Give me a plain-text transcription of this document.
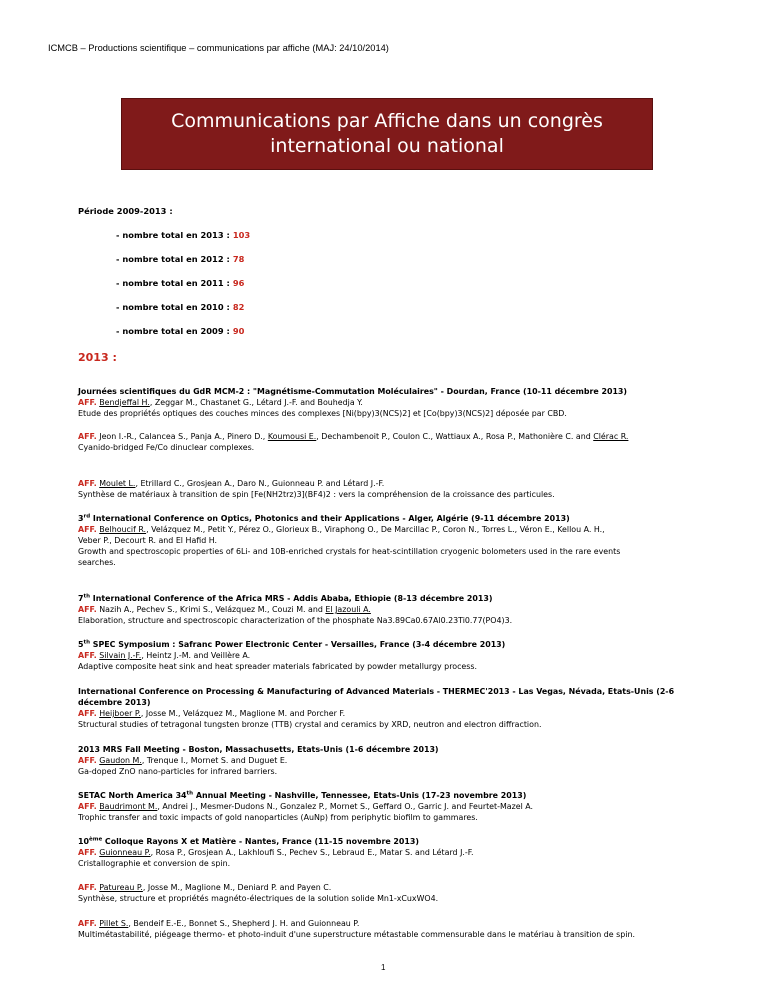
ICMCB – Productions scientifique – communications par affiche (MAJ: 24/10/2014)
Communications par Affiche dans un congrès
international ou national
Période 2009-2013 :
- nombre total en 2013 : 103
- nombre total en 2012 : 78
- nombre total en 2011 : 96
- nombre total en 2010 : 82
- nombre total en 2009 : 90
2013 :
Journées scientifiques du GdR MCM-2 : "Magnétisme-Commutation Moléculaires" - Dourdan, France (10-11 décembre 2013)
AFF. Bendjeffal H., Zeggar M., Chastanet G., Létard J.-F. and Bouhedja Y.
Etude des propriétés optiques des couches minces des complexes [Ni(bpy)3(NCS)2] et [Co(bpy)3(NCS)2] déposée par CBD.
AFF. Jeon I.-R., Calancea S., Panja A., Pinero D., Koumousi E., Dechambenoit P., Coulon C., Wattiaux A., Rosa P., Mathonière C. and Clérac R.
Cyanido-bridged Fe/Co dinuclear complexes.
AFF. Moulet L., Etrillard C., Grosjean A., Daro N., Guionneau P. and Létard J.-F.
Synthèse de matériaux à transition de spin [Fe(NH2trz)3](BF4)2 : vers la compréhension de la croissance des particules.
3rd International Conference on Optics, Photonics and their Applications - Alger, Algérie (9-11 décembre 2013)
AFF. Belhoucif R., Velázquez M., Petit Y., Pérez O., Glorieux B., Viraphong O., De Marcillac P., Coron N., Torres L., Véron E., Kellou A. H.,
Veber P., Decourt R. and El Hafid H.
Growth and spectroscopic properties of 6Li- and 10B-enriched crystals for heat-scintillation cryogenic bolometers used in the rare events
searches.
7th International Conference of the Africa MRS - Addis Ababa, Ethiopie (8-13 décembre 2013)
AFF. Nazih A., Pechev S., Krimi S., Velázquez M., Couzi M. and El Jazouli A.
Elaboration, structure and spectroscopic characterization of the phosphate Na3.89Ca0.67Al0.23Ti0.77(PO4)3.
5th SPEC Symposium : Safranc Power Electronic Center - Versailles, France (3-4 décembre 2013)
AFF. Silvain J.-F., Heintz J.-M. and Veillère A.
Adaptive composite heat sink and heat spreader materials fabricated by powder metallurgy process.
International Conference on Processing & Manufacturing of Advanced Materials - THERMEC'2013 - Las Vegas, Névada, Etats-Unis (2-6
décembre 2013)
AFF. Heijboer P., Josse M., Velázquez M., Maglione M. and Porcher F.
Structural studies of tetragonal tungsten bronze (TTB) crystal and ceramics by XRD, neutron and electron diffraction.
2013 MRS Fall Meeting - Boston, Massachusetts, Etats-Unis (1-6 décembre 2013)
AFF. Gaudon M., Trenque I., Mornet S. and Duguet E.
Ga-doped ZnO nano-particles for infrared barriers.
SETAC North America 34th Annual Meeting - Nashville, Tennessee, Etats-Unis (17-23 novembre 2013)
AFF. Baudrimont M., Andrei J., Mesmer-Dudons N., Gonzalez P., Mornet S., Geffard O., Garric J. and Feurtet-Mazel A.
Trophic transfer and toxic impacts of gold nanoparticles (AuNp) from periphytic biofilm to gammares.
10ème Colloque Rayons X et Matière - Nantes, France (11-15 novembre 2013)
AFF. Guionneau P., Rosa P., Grosjean A., Lakhloufi S., Pechev S., Lebraud E., Matar S. and Létard J.-F.
Cristallographie et conversion de spin.
AFF. Patureau P., Josse M., Maglione M., Deniard P. and Payen C.
Synthèse, structure et propriétés magnéto-électriques de la solution solide Mn1-xCuxWO4.
AFF. Pillet S., Bendeif E.-E., Bonnet S., Shepherd J. H. and Guionneau P.
Multimétastabilité, piégeage thermo- et photo-induit d'une superstructure métastable commensurable dans le matériau à transition de spin.
1
